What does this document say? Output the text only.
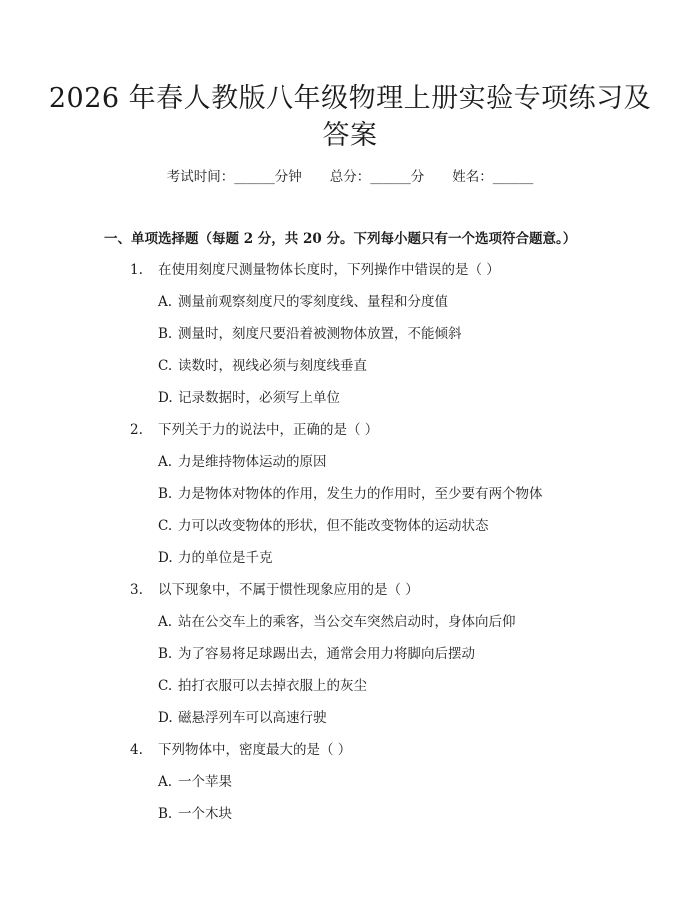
2026 年春人教版八年级物理上册实验专项练习及答案
考试时间：______分钟 总分：______分 姓名：______
一、单项选择题（每题 2 分，共 20 分。下列每小题只有一个选项符合题意。）
1. 在使用刻度尺测量物体长度时，下列操作中错误的是（ ）
A. 测量前观察刻度尺的零刻度线、量程和分度值
B. 测量时，刻度尺要沿着被测物体放置，不能倾斜
C. 读数时，视线必须与刻度线垂直
D. 记录数据时，必须写上单位
2. 下列关于力的说法中，正确的是（ ）
A. 力是维持物体运动的原因
B. 力是物体对物体的作用，发生力的作用时，至少要有两个物体
C. 力可以改变物体的形状，但不能改变物体的运动状态
D. 力的单位是千克
3. 以下现象中，不属于惯性现象应用的是（ ）
A. 站在公交车上的乘客，当公交车突然启动时，身体向后仰
B. 为了容易将足球踢出去，通常会用力将脚向后摆动
C. 拍打衣服可以去掉衣服上的灰尘
D. 磁悬浮列车可以高速行驶
4. 下列物体中，密度最大的是（ ）
A. 一个苹果
B. 一个木块
